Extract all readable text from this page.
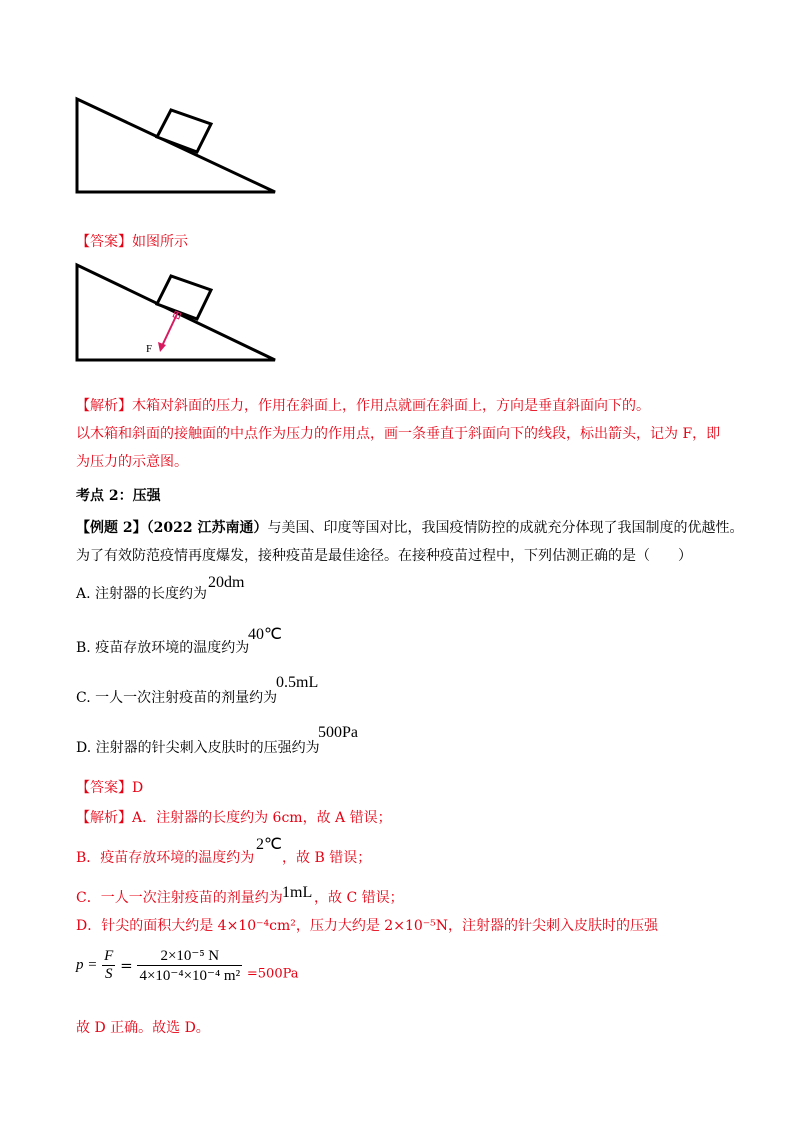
【答案】如图所示
F
【解析】木箱对斜面的压力，作用在斜面上，作用点就画在斜面上，方向是垂直斜面向下的。
以木箱和斜面的接触面的中点作为压力的作用点，画一条垂直于斜面向下的线段，标出箭头，记为 F，即
为压力的示意图。
考点 2：压强
【例题 2】（2022 江苏南通）与美国、印度等国对比，我国疫情防控的成就充分体现了我国制度的优越性。
为了有效防范疫情再度爆发，接种疫苗是最佳途径。在接种疫苗过程中，下列估测正确的是（　　）
A. 注射器的长度约为
20dm
B. 疫苗存放环境的温度约为
40℃
C. 一人一次注射疫苗的剂量约为
0.5mL
D. 注射器的针尖刺入皮肤时的压强约为
500Pa
【答案】D
【解析】A．注射器的长度约为 6cm，故 A 错误；
B．疫苗存放环境的温度约为
2℃
，故 B 错误；
C．一人一次注射疫苗的剂量约为 1mL ，故 C 错误；
D．针尖的面积大约是 4×10⁻⁴cm²，压力大约是 2×10⁻⁵N，注射器的针尖刺入皮肤时的压强
$p = \frac{F}{S} = \frac{\text{2×10⁻⁵ N}}{\text{4×10⁻⁴×10⁻⁴ m²}} =500Pa$
故 D 正确。故选 D。
